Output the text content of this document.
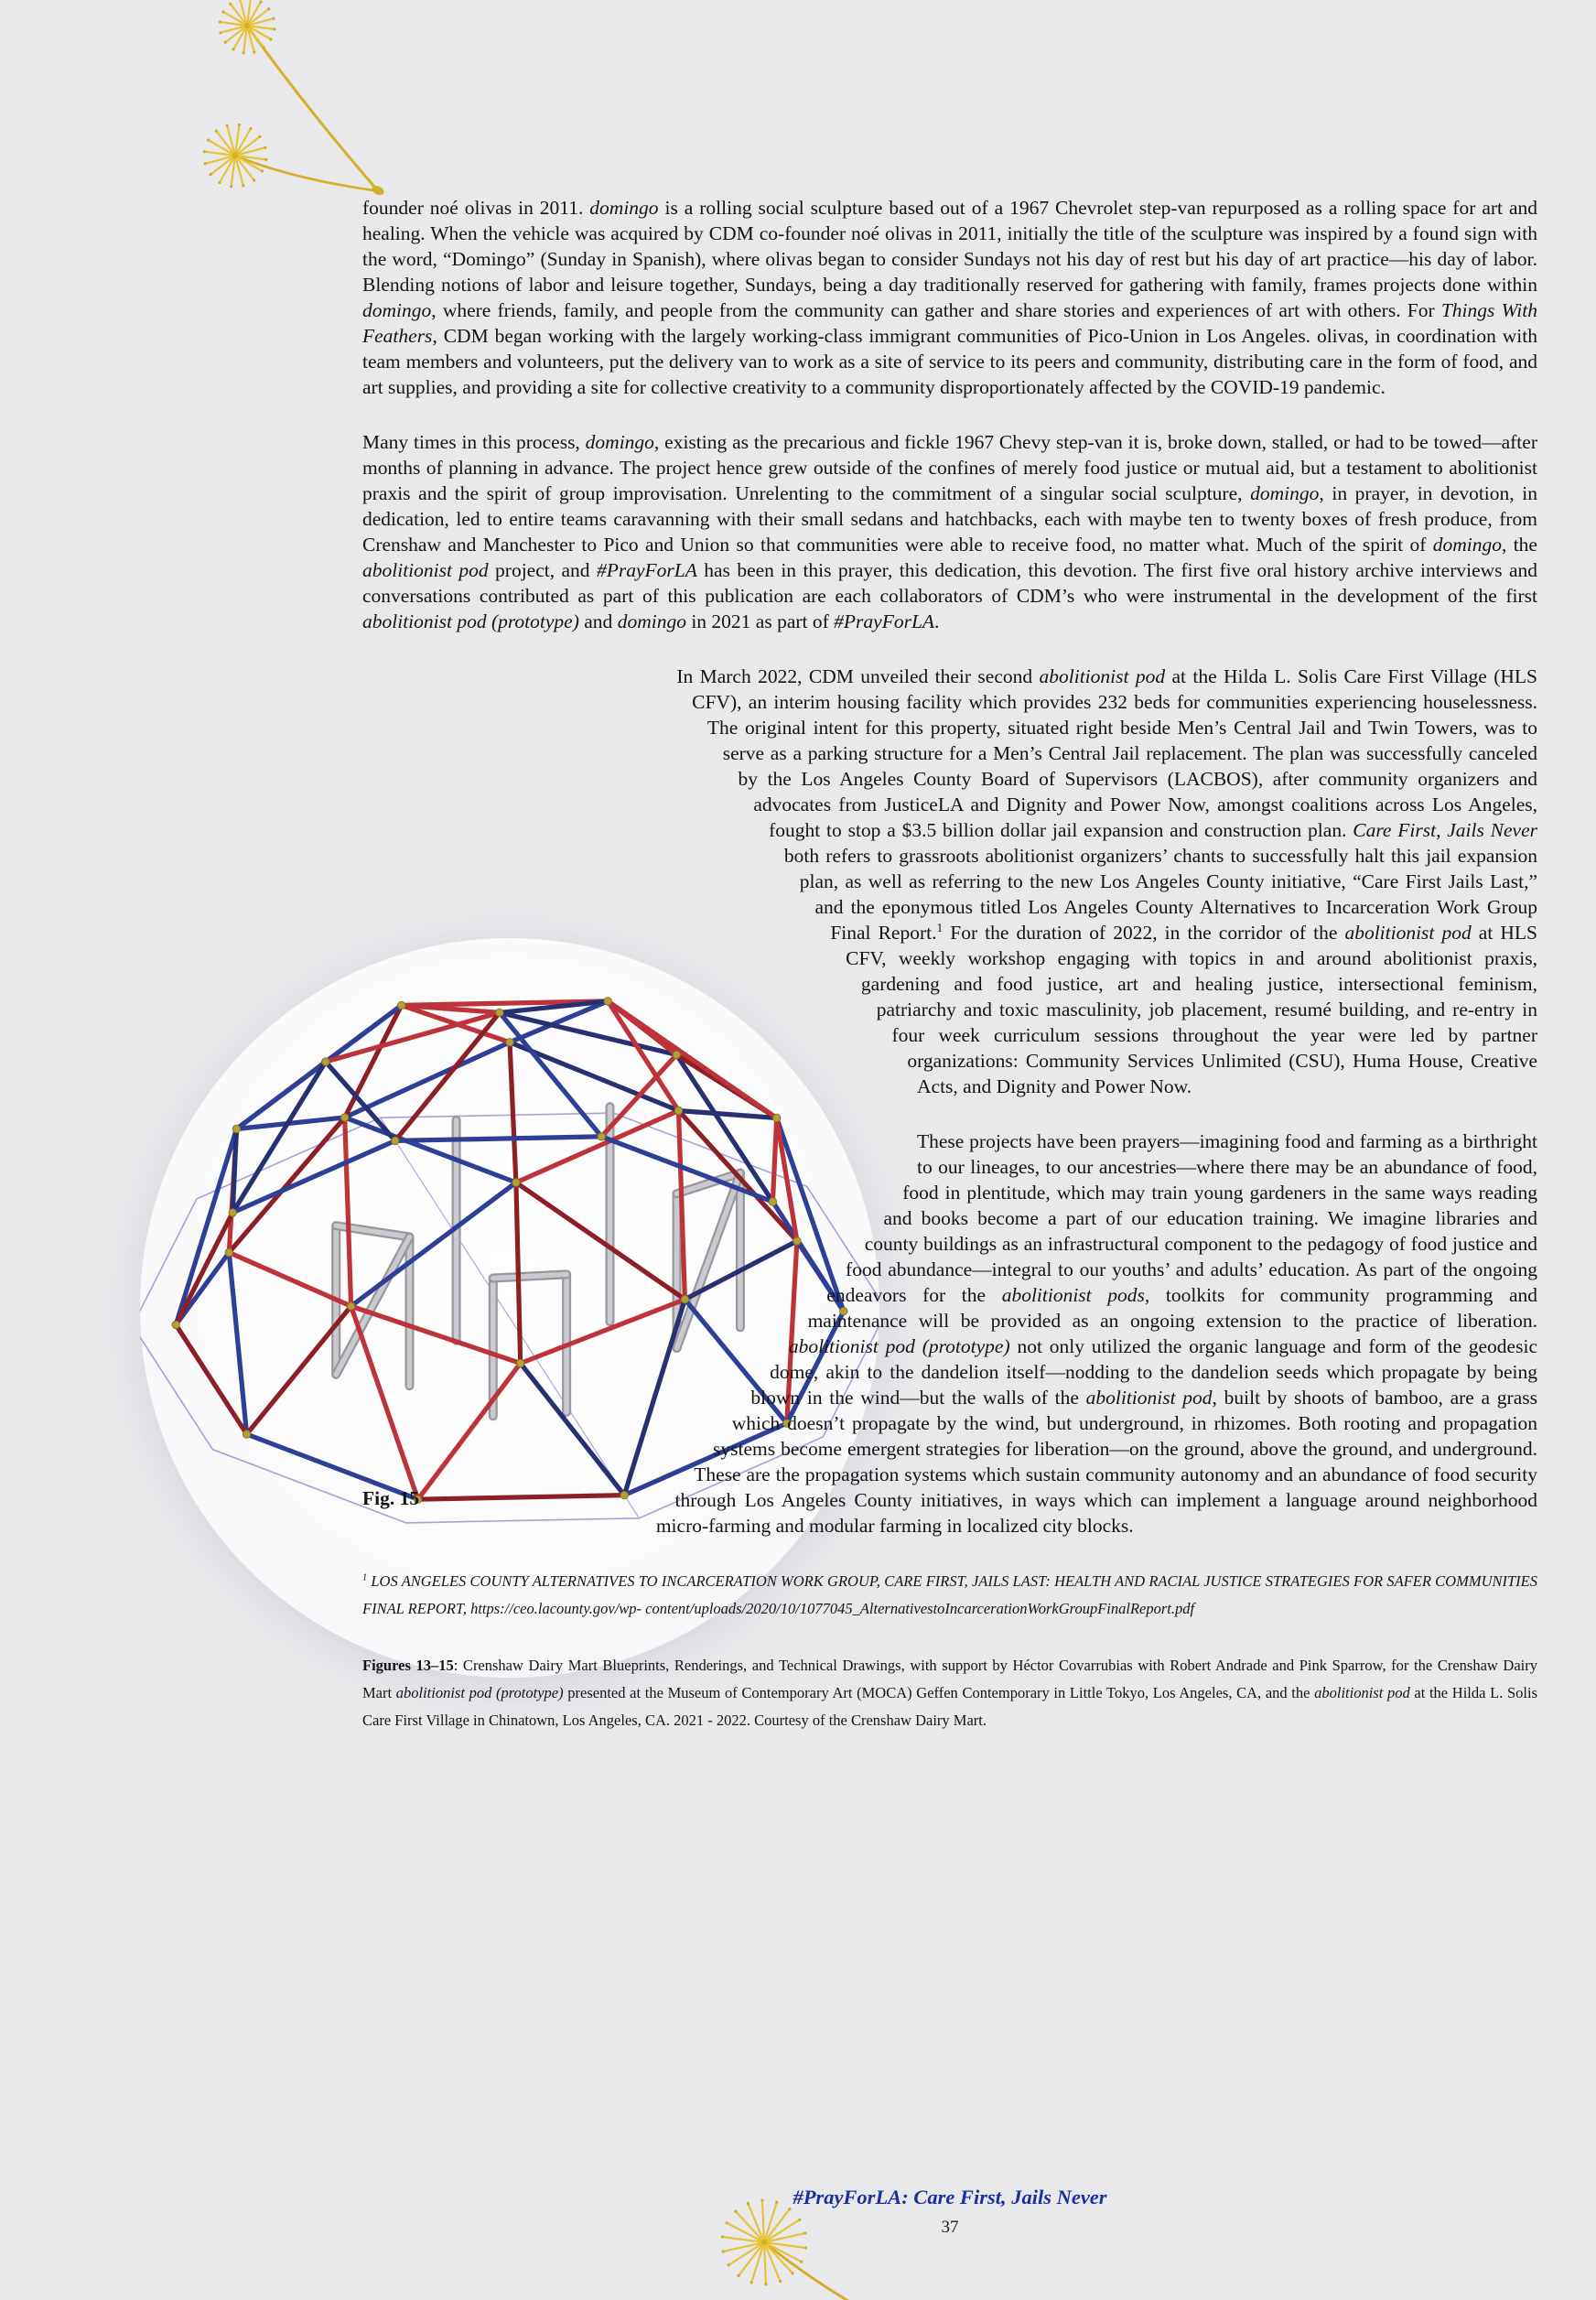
founder noé olivas in 2011. domingo is a rolling social sculpture based out of a 1967 Chevrolet step-van repurposed as a rolling space for art and healing. When the vehicle was acquired by CDM co-founder noé olivas in 2011, initially the title of the sculpture was inspired by a found sign with the word, “Domingo” (Sunday in Spanish), where olivas began to consider Sundays not his day of rest but his day of art practice—his day of labor. Blending notions of labor and leisure together, Sundays, being a day traditionally reserved for gathering with family, frames projects done within domingo, where friends, family, and people from the community can gather and share stories and experiences of art with others. For Things With Feathers, CDM began working with the largely working-class immigrant communities of Pico-Union in Los Angeles. olivas, in coordination with team members and volunteers, put the delivery van to work as a site of service to its peers and community, distributing care in the form of food, and art supplies, and providing a site for collective creativity to a community disproportionately affected by the COVID-19 pandemic.

Many times in this process, domingo, existing as the precarious and fickle 1967 Chevy step-van it is, broke down, stalled, or had to be towed—after months of planning in advance. The project hence grew outside of the confines of merely food justice or mutual aid, but a testament to abolitionist praxis and the spirit of group improvisation. Unrelenting to the commitment of a singular social sculpture, domingo, in prayer, in devotion, in dedication, led to entire teams caravanning with their small sedans and hatchbacks, each with maybe ten to twenty boxes of fresh produce, from Crenshaw and Manchester to Pico and Union so that communities were able to receive food, no matter what. Much of the spirit of domingo, the abolitionist pod project, and #PrayForLA has been in this prayer, this dedication, this devotion. The first five oral history archive interviews and conversations contributed as part of this publication are each collaborators of CDM’s who were instrumental in the development of the first abolitionist pod (prototype) and domingo in 2021 as part of #PrayForLA.

Fig. 15
In March 2022, CDM unveiled their second abolitionist pod at the Hilda L. Solis Care First Village (HLS CFV), an interim housing facility which provides 232 beds for communities experiencing houselessness. The original intent for this property, situated right beside Men’s Central Jail and Twin Towers, was to serve as a parking structure for a Men’s Central Jail replacement. The plan was successfully canceled by the Los Angeles County Board of Supervisors (LACBOS), after community organizers and advocates from JusticeLA and Dignity and Power Now, amongst coalitions across Los Angeles, fought to stop a $3.5 billion dollar jail expansion and construction plan. Care First, Jails Never both refers to grassroots abolitionist organizers’ chants to successfully halt this jail expansion plan, as well as referring to the new Los Angeles County initiative, “Care First Jails Last,” and the eponymous titled Los Angeles County Alternatives to Incarceration Work Group Final Report.$^1$ For the duration of 2022, in the corridor of the abolitionist pod at HLS CFV, weekly workshop engaging with topics in and around abolitionist praxis, gardening and food justice, art and healing justice, intersectional feminism, patriarchy and toxic masculinity, job placement, resumé building, and re-entry in four week curriculum sessions throughout the year were led by partner organizations: Community Services Unlimited (CSU), Huma House, Creative Acts, and Dignity and Power Now.

These projects have been prayers—imagining food and farming as a birthright to our lineages, to our ancestries—where there may be an abundance of food, food in plentitude, which may train young gardeners in the same ways reading and books become a part of our education training. We imagine libraries and county buildings as an infrastructural component to the pedagogy of food justice and food abundance—integral to our youths’ and adults’ education. As part of the ongoing endeavors for the abolitionist pods, toolkits for community programming and maintenance will be provided as an ongoing extension to the practice of liberation. abolitionist pod (prototype) not only utilized the organic language and form of the geodesic dome, akin to the dandelion itself—nodding to the dandelion seeds which propagate by being blown in the wind—but the walls of the abolitionist pod, built by shoots of bamboo, are a grass which doesn’t propagate by the wind, but underground, in rhizomes. Both rooting and propagation systems become emergent strategies for liberation—on the ground, above the ground, and underground. These are the propagation systems which sustain community autonomy and an abundance of food security through Los Angeles County initiatives, in ways which can implement a language around neighborhood micro-farming and modular farming in localized city blocks.

$^1$ LOS ANGELES COUNTY ALTERNATIVES TO INCARCERATION WORK GROUP, CARE FIRST, JAILS LAST: HEALTH AND RACIAL JUSTICE STRATEGIES FOR SAFER COMMUNITIES FINAL REPORT, https://ceo.lacounty.gov/wp- content/uploads/2020/10/1077045_AlternativestoIncarcerationWorkGroupFinalReport.pdf

Figures 13–15: Crenshaw Dairy Mart Blueprints, Renderings, and Technical Drawings, with support by Héctor Covarrubias with Robert Andrade and Pink Sparrow, for the Crenshaw Dairy Mart abolitionist pod (prototype) presented at the Museum of Contemporary Art (MOCA) Geffen Contemporary in Little Tokyo, Los Angeles, CA, and the abolitionist pod at the Hilda L. Solis Care First Village in Chinatown, Los Angeles, CA. 2021 - 2022. Courtesy of the Crenshaw Dairy Mart.

#PrayForLA: Care First, Jails Never
37
